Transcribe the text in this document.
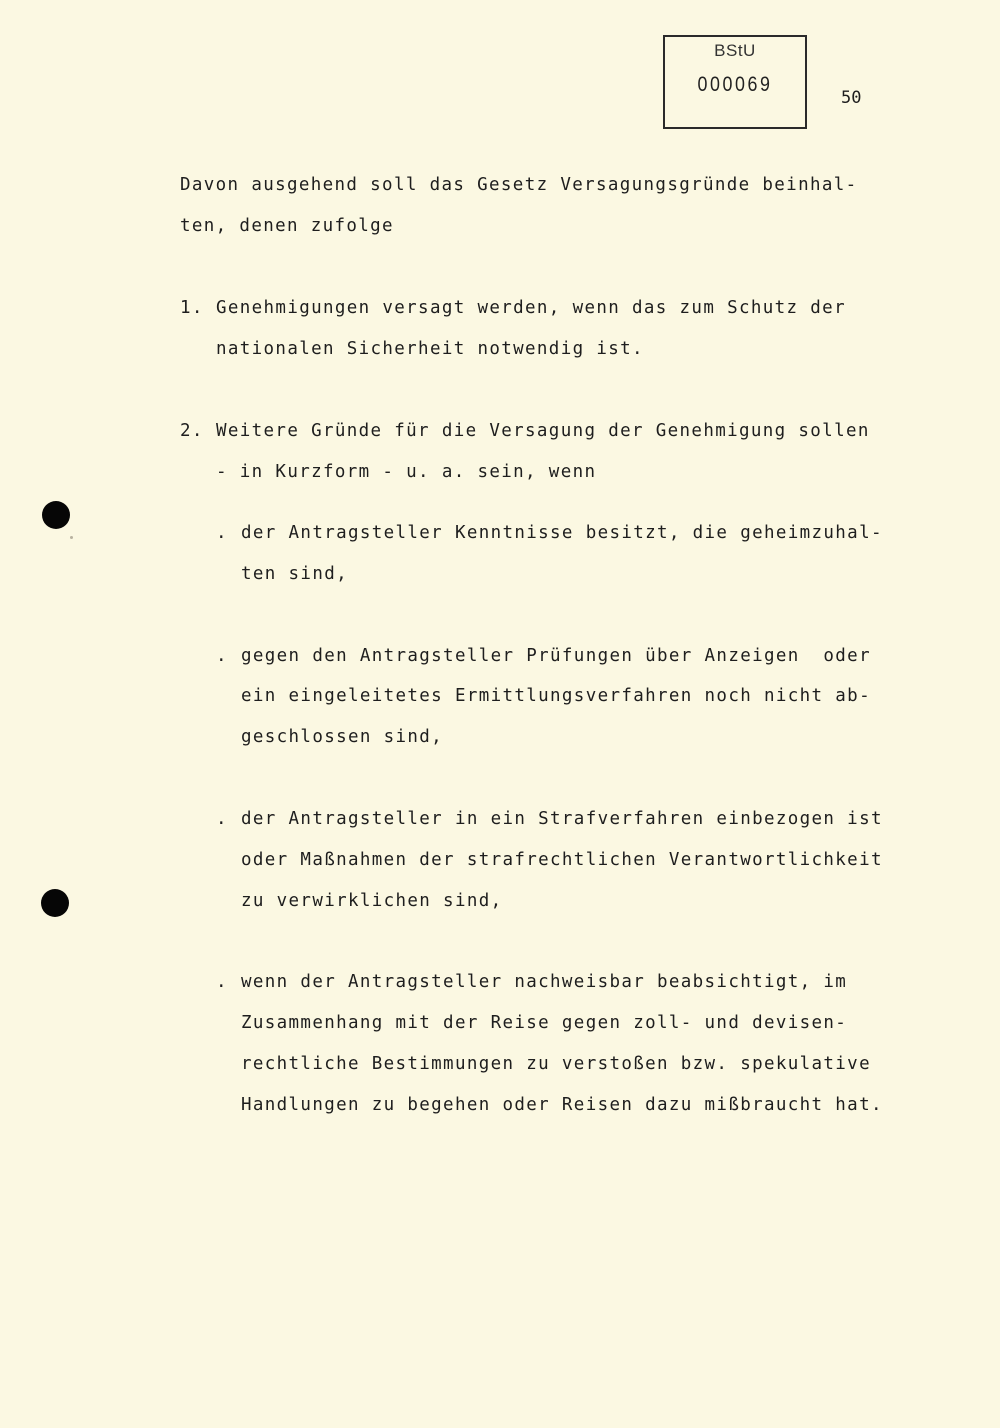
BStU
000069
50
Davon ausgehend soll das Gesetz Versagungsgründe beinhal-
ten, denen zufolge
1. Genehmigungen versagt werden, wenn das zum Schutz der
nationalen Sicherheit notwendig ist.
2. Weitere Gründe für die Versagung der Genehmigung sollen
- in Kurzform - u. a. sein, wenn
. der Antragsteller Kenntnisse besitzt, die geheimzuhal-
ten sind,
. gegen den Antragsteller Prüfungen über Anzeigen  oder
ein eingeleitetes Ermittlungsverfahren noch nicht ab-
geschlossen sind,
. der Antragsteller in ein Strafverfahren einbezogen ist
oder Maßnahmen der strafrechtlichen Verantwortlichkeit
zu verwirklichen sind,
. wenn der Antragsteller nachweisbar beabsichtigt, im
Zusammenhang mit der Reise gegen zoll- und devisen-
rechtliche Bestimmungen zu verstoßen bzw. spekulative
Handlungen zu begehen oder Reisen dazu mißbraucht hat.
